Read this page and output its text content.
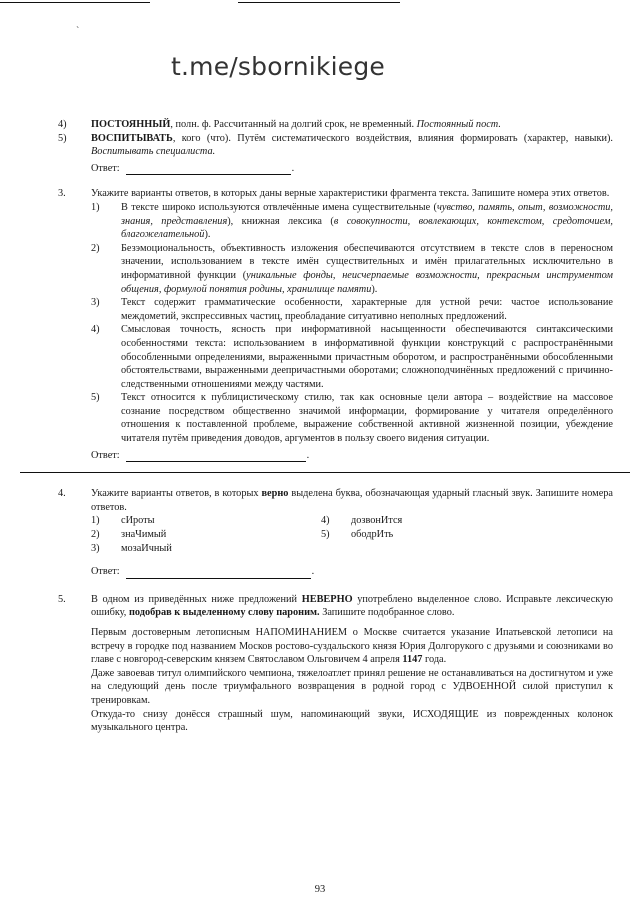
`
t.me/sbornikiege
4)	ПОСТОЯННЫЙ, полн. ф. Рассчитанный на долгий срок, не временный. Постоянный пост.
5)	ВОСПИТЫВАТЬ, кого (что). Путём систематического воздействия, влияния формировать (характер, навыки). Воспитывать специалиста.
Ответ:	.
3.	Укажите варианты ответов, в которых даны верные характеристики фрагмента текста. Запишите номера этих ответов.
1)	В тексте широко используются отвлечённые имена существительные (чувство, память, опыт, возможности, знания, представления), книжная лексика (в совокупности, вовлекающих, контекстом, средоточием, благожелательной).
2)	Безэмоциональность, объективность изложения обеспечиваются отсутствием в тексте слов в переносном значении, использованием в тексте имён существительных и имён прилагательных исключительно в информативной функции (уникальные фонды, неисчерпаемые возможности, прекрасным инструментом общения, формулой понятия родины, хранилище памяти).
3)	Текст содержит грамматические особенности, характерные для устной речи: частое использование междометий, экспрессивных частиц, преобладание ситуативно неполных предложений.
4)	Смысловая точность, ясность при информативной насыщенности обеспечиваются синтаксическими особенностями текста: использованием в информативной функции конструкций с распространёнными обособленными определениями, выраженными причастным оборотом, и распространёнными обособленными обстоятельствами, выраженными деепричастными оборотами; сложноподчинённых предложений с причинно-следственными отношениями между частями.
5)	Текст относится к публицистическому стилю, так как основные цели автора – воздействие на массовое сознание посредством общественно значимой информации, формирование у читателя определённого отношения к поставленной проблеме, выражение собственной активной жизненной позиции, убеждение читателя путём приведения доводов, аргументов в пользу своего видения ситуации.
Ответ:	.
4.	Укажите варианты ответов, в которых верно выделена буква, обозначающая ударный гласный звук. Запишите номера ответов.
1) сИроты	4) дозвонИтся
2) знаЧимый	5) ободрИть
3) мозаИчный
Ответ:	.
5.	В одном из приведённых ниже предложений НЕВЕРНО употреблено выделенное слово. Исправьте лексическую ошибку, подобрав к выделенному слову пароним. Запишите подобранное слово.
Первым достоверным летописным НАПОМИНАНИЕМ о Москве считается указание Ипатьевской летописи на встречу в городке под названием Москов ростово-суздальского князя Юрия Долгорукого с друзьями и союзниками во главе с новгород-северским князем Святославом Ольговичем 4 апреля 1147 года.
Даже завоевав титул олимпийского чемпиона, тяжелоатлет принял решение не останавливаться на достигнутом и уже на следующий день после триумфального возвращения в родной город с УДВОЕННОЙ силой приступил к тренировкам.
Откуда-то снизу донёсся страшный шум, напоминающий звуки, ИСХОДЯЩИЕ из поврежденных колонок музыкального центра.
93
